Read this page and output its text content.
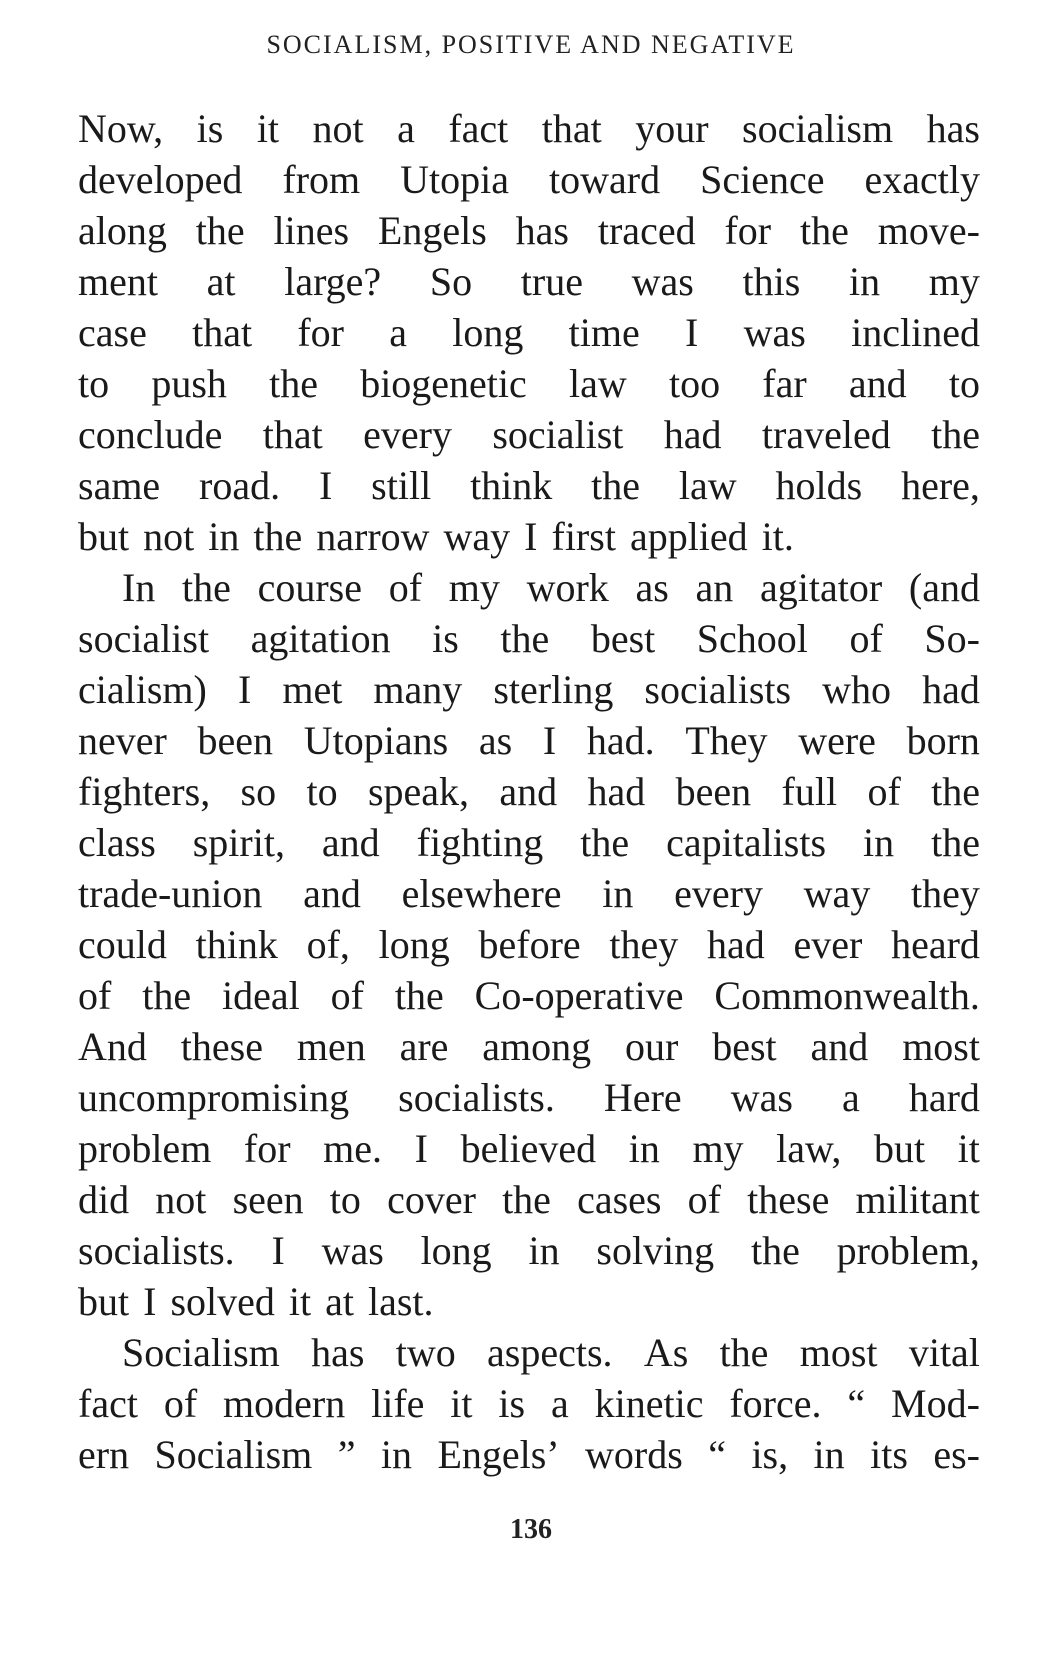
SOCIALISM, POSITIVE AND NEGATIVE
Now, is it not a fact that your socialism has
developed from Utopia toward Science exactly
along the lines Engels has traced for the move-
ment at large? So true was this in my
case that for a long time I was inclined
to push the biogenetic law too far and to
conclude that every socialist had traveled the
same road. I still think the law holds here,
but not in the narrow way I first applied it.
In the course of my work as an agitator (and
socialist agitation is the best School of So-
cialism) I met many sterling socialists who had
never been Utopians as I had. They were born
fighters, so to speak, and had been full of the
class spirit, and fighting the capitalists in the
trade-union and elsewhere in every way they
could think of, long before they had ever heard
of the ideal of the Co-operative Commonwealth.
And these men are among our best and most
uncompromising socialists. Here was a hard
problem for me. I believed in my law, but it
did not seen to cover the cases of these militant
socialists. I was long in solving the problem,
but I solved it at last.
Socialism has two aspects. As the most vital
fact of modern life it is a kinetic force. “ Mod-
ern Socialism ” in Engels’ words “ is, in its es-
136
